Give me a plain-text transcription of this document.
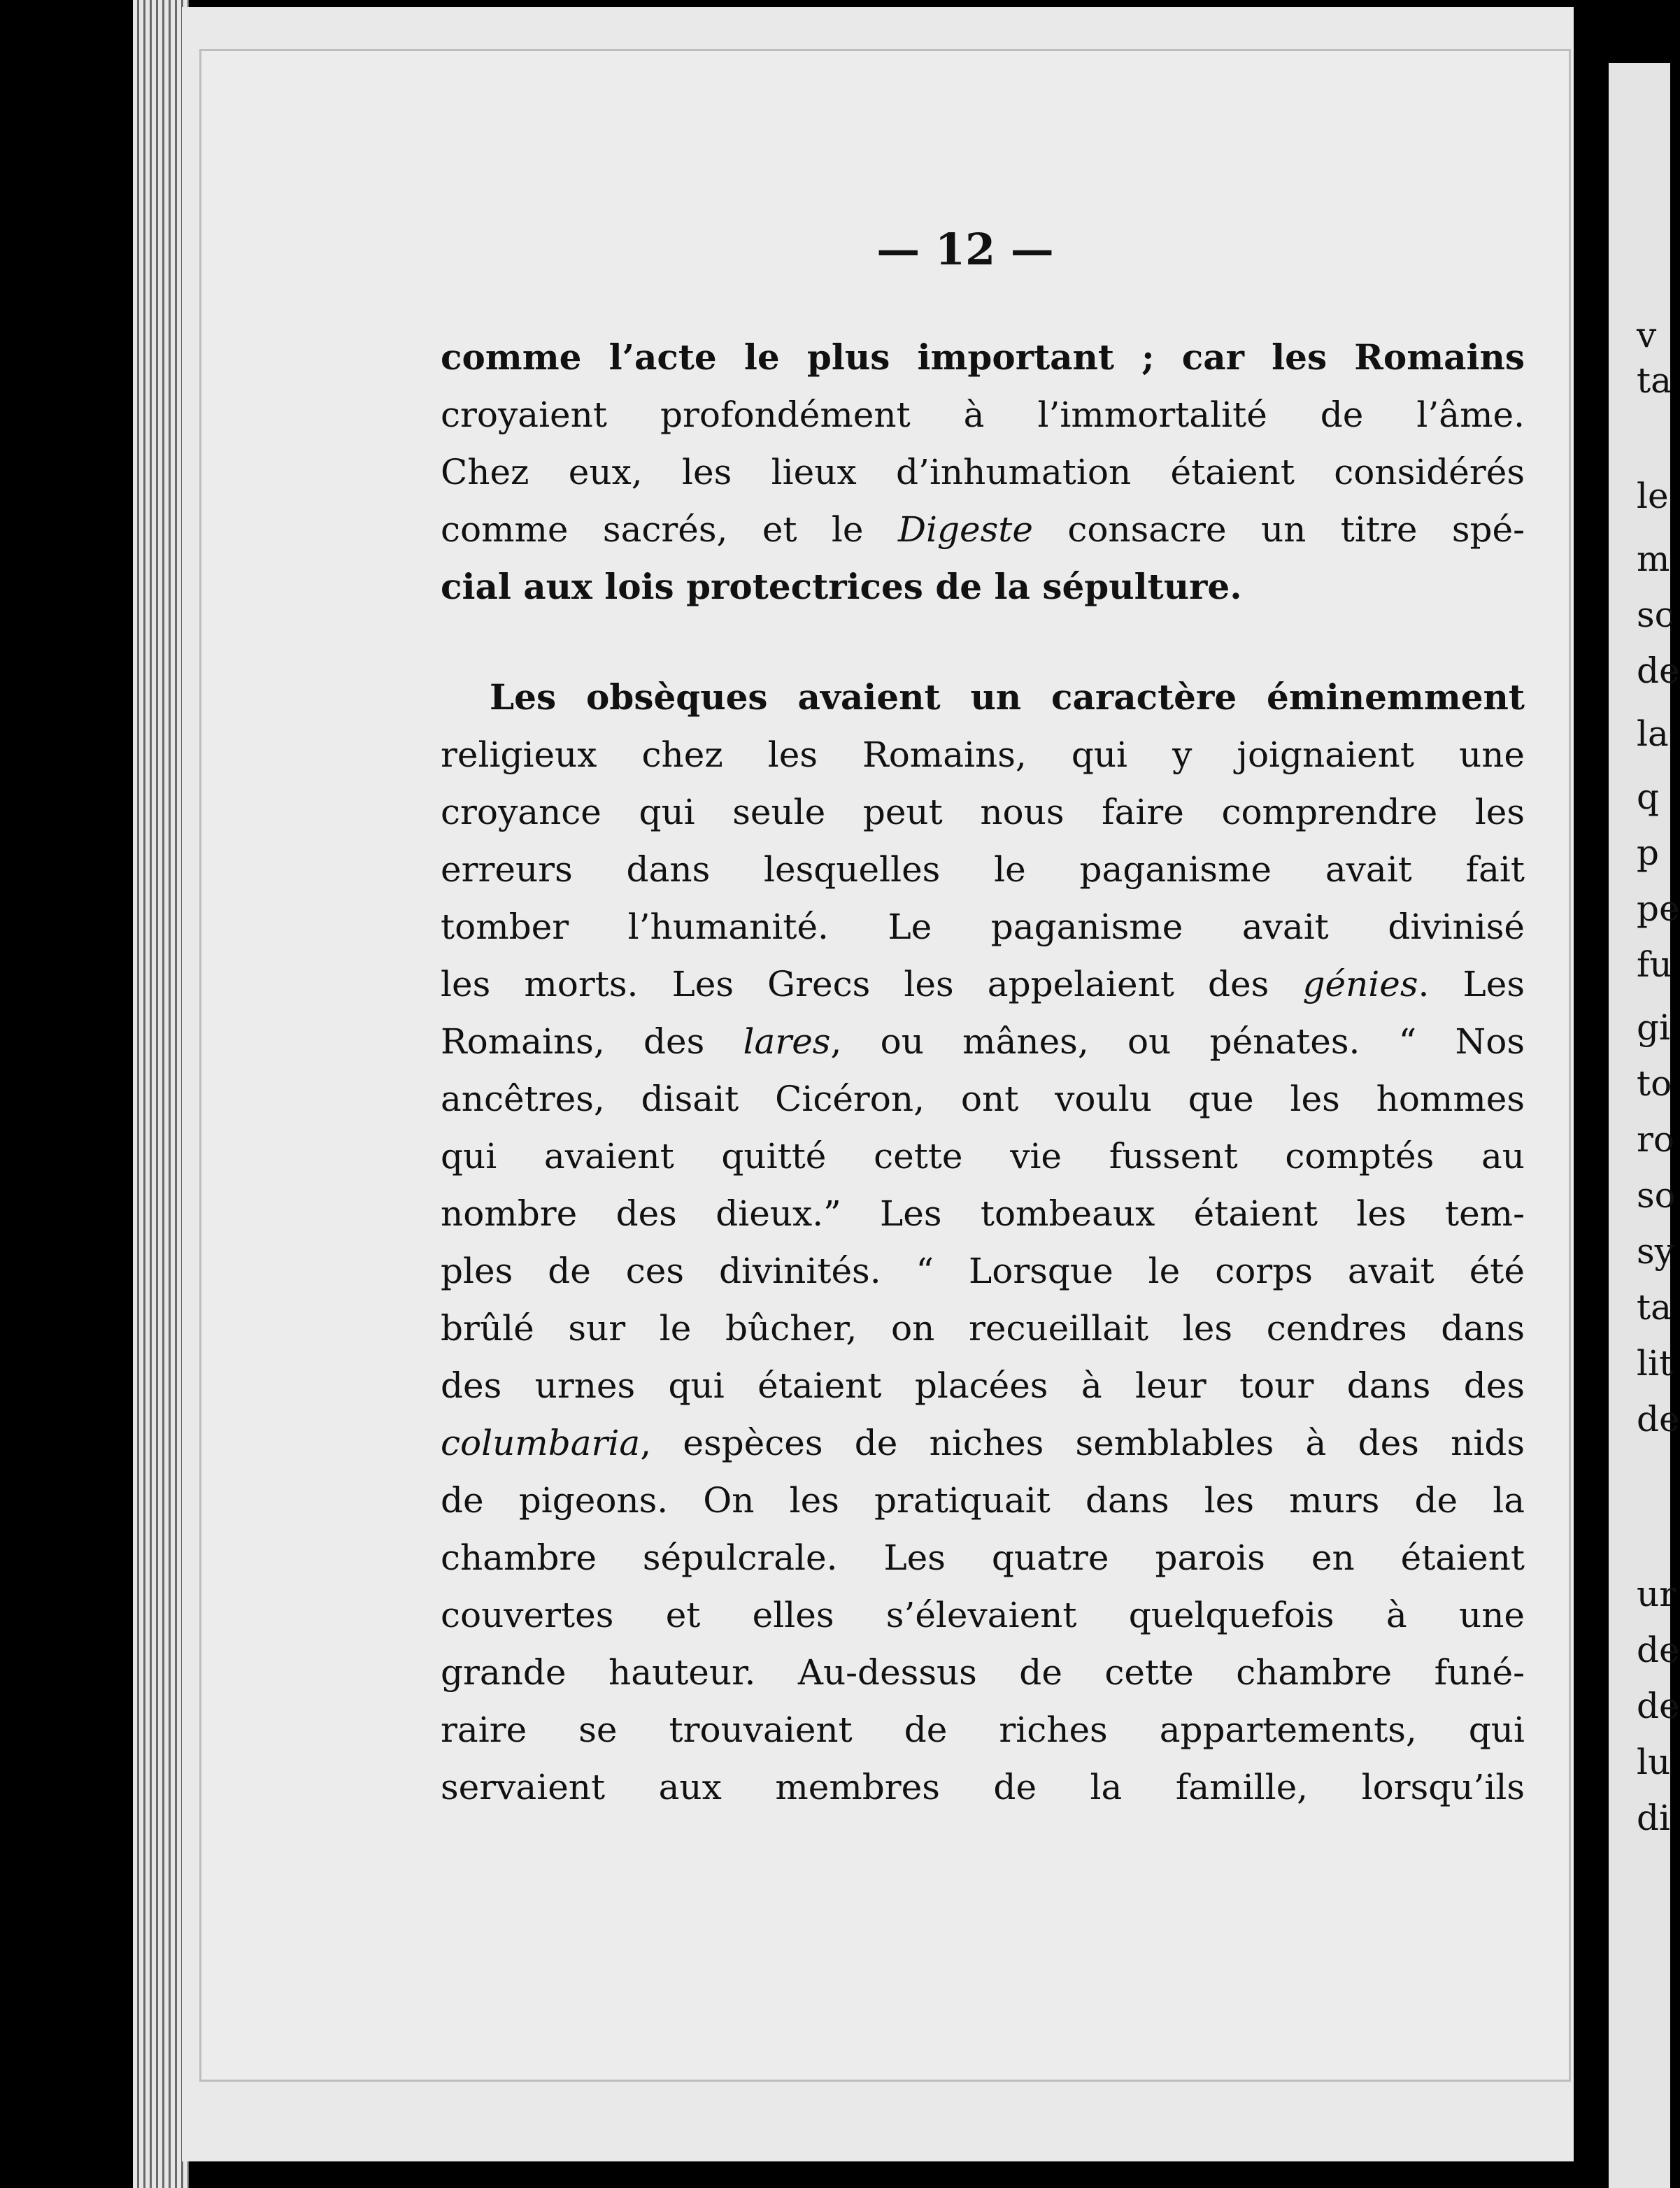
— 12 —
comme l’acte le plus important ; car les Romains
croyaient profondément à l’immortalité de l’âme.
Chez eux, les lieux d’inhumation étaient considérés
comme sacrés, et le Digeste consacre un titre spé-
cial aux lois protectrices de la sépulture.
Les obsèques avaient un caractère éminemment
religieux chez les Romains, qui y joignaient une
croyance qui seule peut nous faire comprendre les
erreurs dans lesquelles le paganisme avait fait
tomber l’humanité. Le paganisme avait divinisé
les morts. Les Grecs les appelaient des génies. Les
Romains, des lares, ou mânes, ou pénates. “ Nos
ancêtres, disait Cicéron, ont voulu que les hommes
qui avaient quitté cette vie fussent comptés au
nombre des dieux.” Les tombeaux étaient les tem-
ples de ces divinités. “ Lorsque le corps avait été
brûlé sur le bûcher, on recueillait les cendres dans
des urnes qui étaient placées à leur tour dans des
columbaria, espèces de niches semblables à des nids
de pigeons. On les pratiquait dans les murs de la
chambre sépulcrale. Les quatre parois en étaient
couvertes et elles s’élevaient quelquefois à une
grande hauteur. Au-dessus de cette chambre funé-
raire se trouvaient de riches appartements, qui
servaient aux membres de la famille, lorsqu’ils
v
ta
le
m
sc
de
la
q
p
pe
fu
gi
to
ro
so
sy
ta
lit
de
ur
de
de
lu
di
